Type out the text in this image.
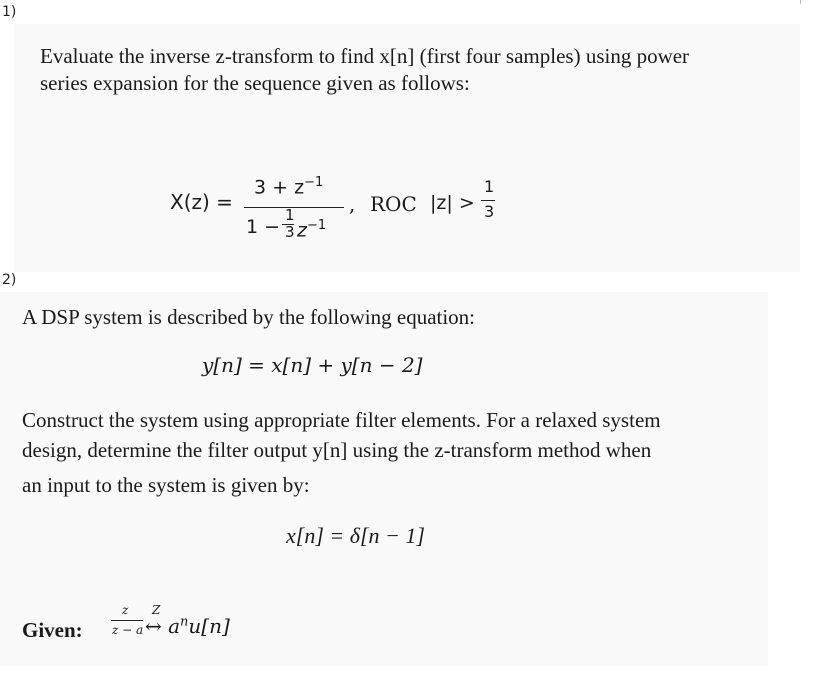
1)
Evaluate the inverse z-transform to find x[n] (first four samples) using power
series expansion for the sequence given as follows:
X(z) =
$3 + z^{-1}$
1 −
1
3 $z^{-1}$
, ROC |z| >
1
3
2)
A DSP system is described by the following equation:
y[n] = x[n] + y[n − 2]
Construct the system using appropriate filter elements. For a relaxed system
design, determine the filter output y[n] using the z-transform method when
an input to the system is given by:
x[n] = δ[n − 1]
Given:
z
z − a
Z
↔ $a^nu[n]$
